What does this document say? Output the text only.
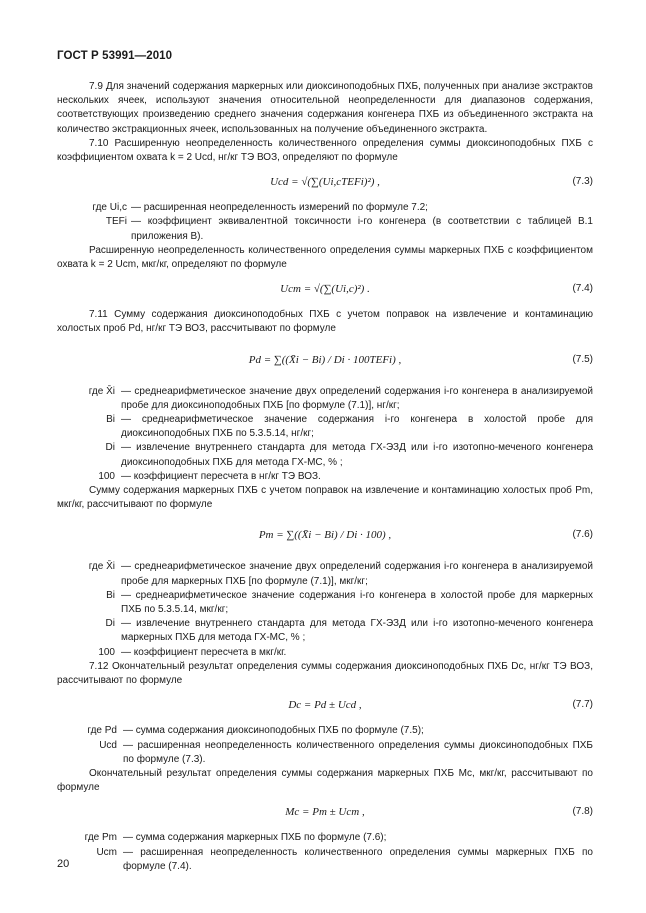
ГОСТ Р 53991—2010

7.9 Для значений содержания маркерных или диоксиноподобных ПХБ, полученных при анализе экстрактов нескольких ячеек, используют значения относительной неопределенности для диапазонов содержания, соответствующих произведению среднего значения содержания конгенера ПХБ из объединенного экстракта на количество экстракционных ячеек, использованных на получение объединенного экстракта.

7.10 Расширенную неопределенность количественного определения суммы диоксиноподобных ПХБ с коэффициентом охвата k = 2 Ucd, нг/кг ТЭ ВОЗ, определяют по формуле

Ucd = √(∑(Ui,cTEFi)²) ,	(7.3)
где Ui,c — расширенная неопределенность измерений по формуле 7.2;
TEFi — коэффициент эквивалентной токсичности i-го конгенера (в соответствии с таблицей В.1 приложения В).

Расширенную неопределенность количественного определения суммы маркерных ПХБ с коэффициентом охвата k = 2 Ucm, мкг/кг, определяют по формуле

Ucm = √(∑(Ui,c)²) .	(7.4)

7.11 Сумму содержания диоксиноподобных ПХБ с учетом поправок на извлечение и контаминацию холостых проб Pd, нг/кг ТЭ ВОЗ, рассчитывают по формуле

Pd = ∑((X̄i − Bi) / Di · 100TEFi) ,	(7.5)
где X̄i — среднеарифметическое значение двух определений содержания i-го конгенера в анализируемой пробе для диоксиноподобных ПХБ [по формуле (7.1)], нг/кг;
Bi — среднеарифметическое значение содержания i-го конгенера в холостой пробе для диоксиноподобных ПХБ по 5.3.5.14, нг/кг;
Di — извлечение внутреннего стандарта для метода ГХ-ЭЗД или i-го изотопно-меченого конгенера диоксиноподобных ПХБ для метода ГХ-МС, % ;
100 — коэффициент пересчета в нг/кг ТЭ ВОЗ.

Сумму содержания маркерных ПХБ с учетом поправок на извлечение и контаминацию холостых проб Pm, мкг/кг, рассчитывают по формуле

Pm = ∑((X̄i − Bi) / Di · 100) ,	(7.6)
где X̄i — среднеарифметическое значение двух определений содержания i-го конгенера в анализируемой пробе для маркерных ПХБ [по формуле (7.1)], мкг/кг;
Bi — среднеарифметическое значение содержания i-го конгенера в холостой пробе для маркерных ПХБ по 5.3.5.14, мкг/кг;
Di — извлечение внутреннего стандарта для метода ГХ-ЭЗД или i-го изотопно-меченого конгенера маркерных ПХБ для метода ГХ-МС, % ;
100 — коэффициент пересчета в мкг/кг.

7.12 Окончательный результат определения суммы содержания диоксиноподобных ПХБ Dc, нг/кг ТЭ ВОЗ, рассчитывают по формуле

Dc = Pd ± Ucd ,	(7.7)
где Pd — сумма содержания диоксиноподобных ПХБ по формуле (7.5);
Ucd — расширенная неопределенность количественного определения суммы диоксиноподобных ПХБ по формуле (7.3).

Окончательный результат определения суммы содержания маркерных ПХБ Mc, мкг/кг, рассчитывают по формуле

Mc = Pm ± Ucm ,	(7.8)
где Pm — сумма содержания маркерных ПХБ по формуле (7.6);
Ucm — расширенная неопределенность количественного определения суммы маркерных ПХБ по формуле (7.4).
20
